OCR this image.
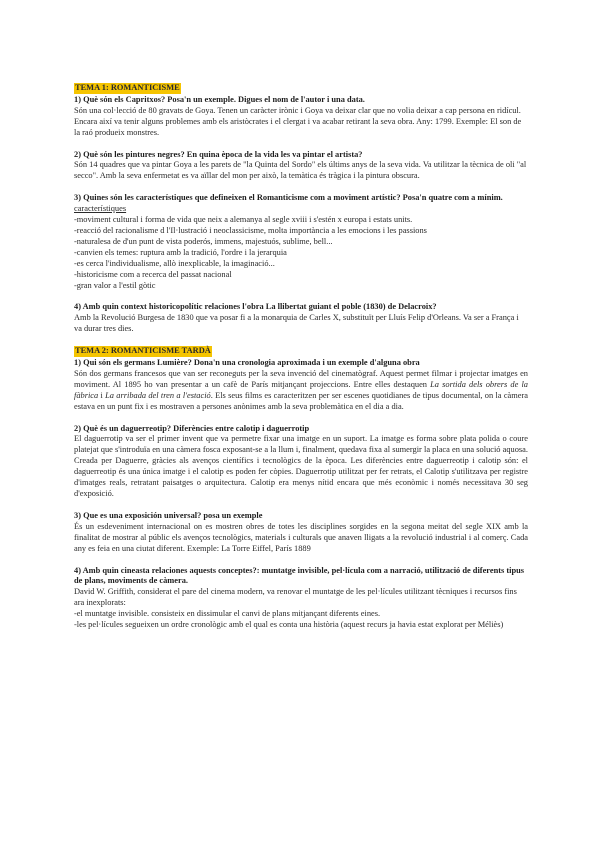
TEMA 1: ROMANTICISME

1) Què són els Capritxos? Posa'n un exemple. Digues el nom de l'autor i una data.

Són una col·lecció de 80 gravats de Goya. Tenen un caràcter irònic i Goya va deixar clar que no volia deixar a cap persona en ridícul. Encara així va tenir alguns problemes amb els aristòcrates i el clergat i va acabar retirant la seva obra. Any: 1799. Exemple: El son de la raó produeix monstres.

2) Què són les pintures negres? En quina època de la vida les va pintar el artista?

Són 14 quadres que va pintar Goya a les parets de "la Quinta del Sordo" els últims anys de la seva vida. Va utilitzar la tècnica de oli "al secco". Amb la seva enfermetat es va aïllar del mon per això, la temàtica és tràgica i la pintura obscura.

3) Quines són les característiques que defineixen el Romanticisme com a moviment artístic? Posa'n quatre com a mínim.

característiques

-moviment cultural i forma de vida que neix a alemanya al segle xviii i s'estén x europa i estats units.
-reacció del racionalisme d l'Il·lustració i neoclassicisme, molta importància a les emocions i les passions
-naturalesa de d'un punt de vista poderós, immens, majestuós, sublime, bell...
-canvien els temes: ruptura amb la tradició, l'ordre i la jerarquia
-es cerca l'individualisme, allò inexplicable, la imaginació...
-historicisme com a recerca del passat nacional
-gran valor a l'estil gòtic

4) Amb quin context historicopolític relaciones l'obra La llibertat guiant el poble (1830) de Delacroix?

Amb la Revolució Burgesa de 1830 que va posar fi a la monarquia de Carles X, substituït per Lluís Felip d'Orleans. Va ser a França i va durar tres dies.

TEMA 2: ROMANTICISME TARDÀ

1) Qui són els germans Lumière? Dona'n una cronologia aproximada i un exemple d'alguna obra

Són dos germans francesos que van ser reconeguts per la seva invenció del cinematògraf. Aquest permet filmar i projectar imatges en moviment. Al 1895 ho van presentar a un cafè de París mitjançant projeccions. Entre elles destaquen La sortida dels obrers de la fàbrica i La arribada del tren a l'estació. Els seus films es caracteritzen per ser escenes quotidianes de tipus documental, on la càmera estava en un punt fix i es mostraven a persones anònimes amb la seva problemàtica en el dia a dia.

2) Què és un daguerreotip? Diferències entre calotip i daguerrotip

El daguerrotip va ser el primer invent que va permetre fixar una imatge en un suport. La imatge es forma sobre plata polida o coure platejat que s'introduïa en una càmera fosca exposant-se a la llum i, finalment, quedava fixa al sumergir la placa en una solució aquosa. Creada per Daguerre, gràcies als avenços científics i tecnològics de la època. Les diferències entre daguerreotip i calotip són: el daguerreotip és una única imatge i el calotip es poden fer còpies. Daguerrotip utilitzat per fer retrats, el Calotip s'utilitzava per registre d'imatges reals, retratant paisatges o arquitectura. Calotip era menys nítid encara que més econòmic i només necessitava 30 seg d'exposició.

3) Que es una exposición universal? posa un exemple

És un esdeveniment internacional on es mostren obres de totes les disciplines sorgides en la segona meitat del segle XIX amb la finalitat de mostrar al públic els avenços tecnològics, materials i culturals que anaven lligats a la revolució industrial i al comerç. Cada any es feia en una ciutat diferent. Exemple: La Torre Eiffel, París 1889

4) Amb quin cineasta relaciones aquests conceptes?: muntatge invisible, pel·lícula com a narració, utilització de diferents tipus de plans, moviments de càmera.

David W. Griffith, considerat el pare del cinema modern, va renovar el muntatge de les pel·lícules utilitzant tècniques i recursos fins ara inexplorats:

-el muntatge invisible. consisteix en dissimular el canvi de plans mitjançant diferents eines.
-les pel·lícules segueixen un ordre cronològic amb el qual es conta una història (aquest recurs ja havia estat explorat per Méliès)
